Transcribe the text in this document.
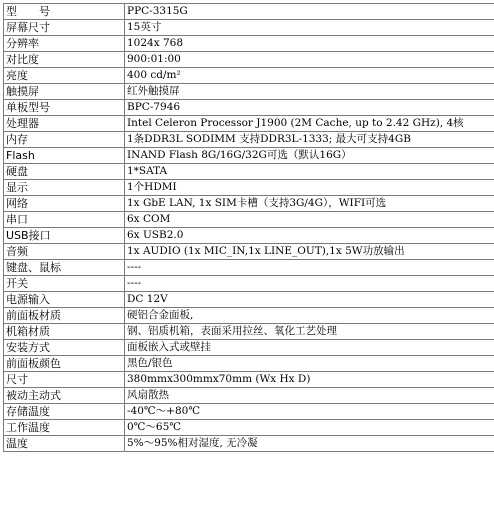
型　　号	PPC-3315G
屏幕尺寸	15英寸
分辨率	1024x 768
对比度	900:01:00
亮度	400 cd/m²
触摸屏	红外触摸屏
单板型号	BPC-7946
处理器	Intel Celeron Processor J1900 (2M Cache, up to 2.42 GHz), 4核
内存	1条DDR3L SODIMM 支持DDR3L-1333; 最大可支持4GB
Flash	INAND Flash 8G/16G/32G可选（默认16G）
硬盘	1*SATA
显示	1个HDMI
网络	1x GbE LAN, 1x SIM卡槽（支持3G/4G），WIFI可选
串口	6x COM
USB接口	6x USB2.0
音频	1x AUDIO (1x MIC_IN,1x LINE_OUT),1x 5W功放输出
键盘、鼠标	----
开关	----
电源输入	DC 12V
前面板材质	硬铝合金面板,
机箱材质	钢、铝质机箱，表面采用拉丝、氧化工艺处理
安装方式	面板嵌入式或壁挂
前面板颜色	黑色/银色
尺寸	380mmx300mmx70mm (Wx Hx D)
被动主动式	风扇散热
存储温度	-40℃～+80℃
工作温度	0℃～65℃
温度	5%～95%相对湿度, 无冷凝
